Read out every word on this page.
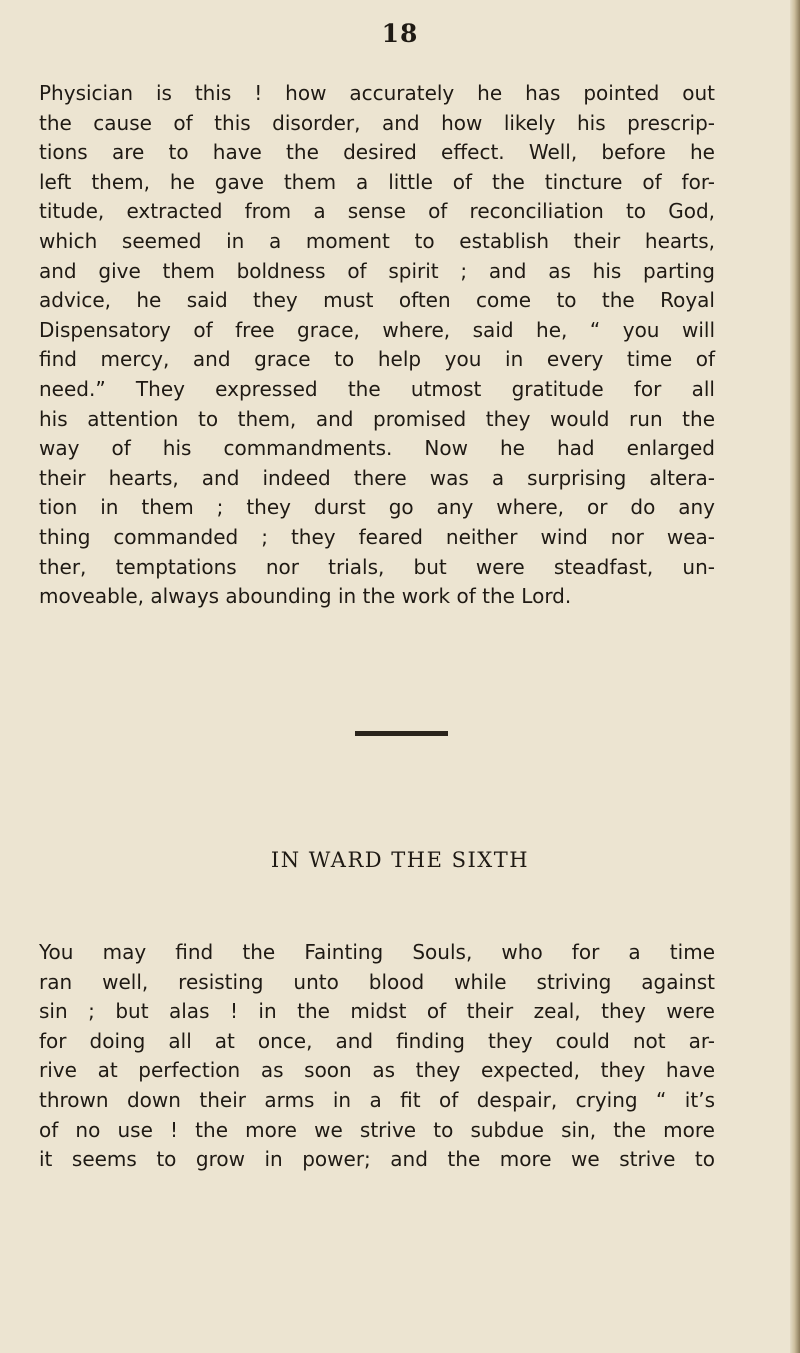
18

Physician is this ! how accurately he has pointed out
the cause of this disorder, and how likely his prescrip-
tions are to have the desired effect. Well, before he
left them, he gave them a little of the tincture of for-
titude, extracted from a sense of reconciliation to God,
which seemed in a moment to establish their hearts,
and give them boldness of spirit ; and as his parting
advice, he said they must often come to the Royal
Dispensatory of free grace, where, said he, “ you will
find mercy, and grace to help you in every time of
need.” They expressed the utmost gratitude for all
his attention to them, and promised they would run the
way of his commandments. Now he had enlarged
their hearts, and indeed there was a surprising altera-
tion in them ; they durst go any where, or do any
thing commanded ; they feared neither wind nor wea-
ther, temptations nor trials, but were steadfast, un-
moveable, always abounding in the work of the Lord.

IN WARD THE SIXTH

You may find the Fainting Souls, who for a time
ran well, resisting unto blood while striving against
sin ; but alas ! in the midst of their zeal, they were
for doing all at once, and finding they could not ar-
rive at perfection as soon as they expected, they have
thrown down their arms in a fit of despair, crying “ it’s
of no use ! the more we strive to subdue sin, the more
it seems to grow in power; and the more we strive to
